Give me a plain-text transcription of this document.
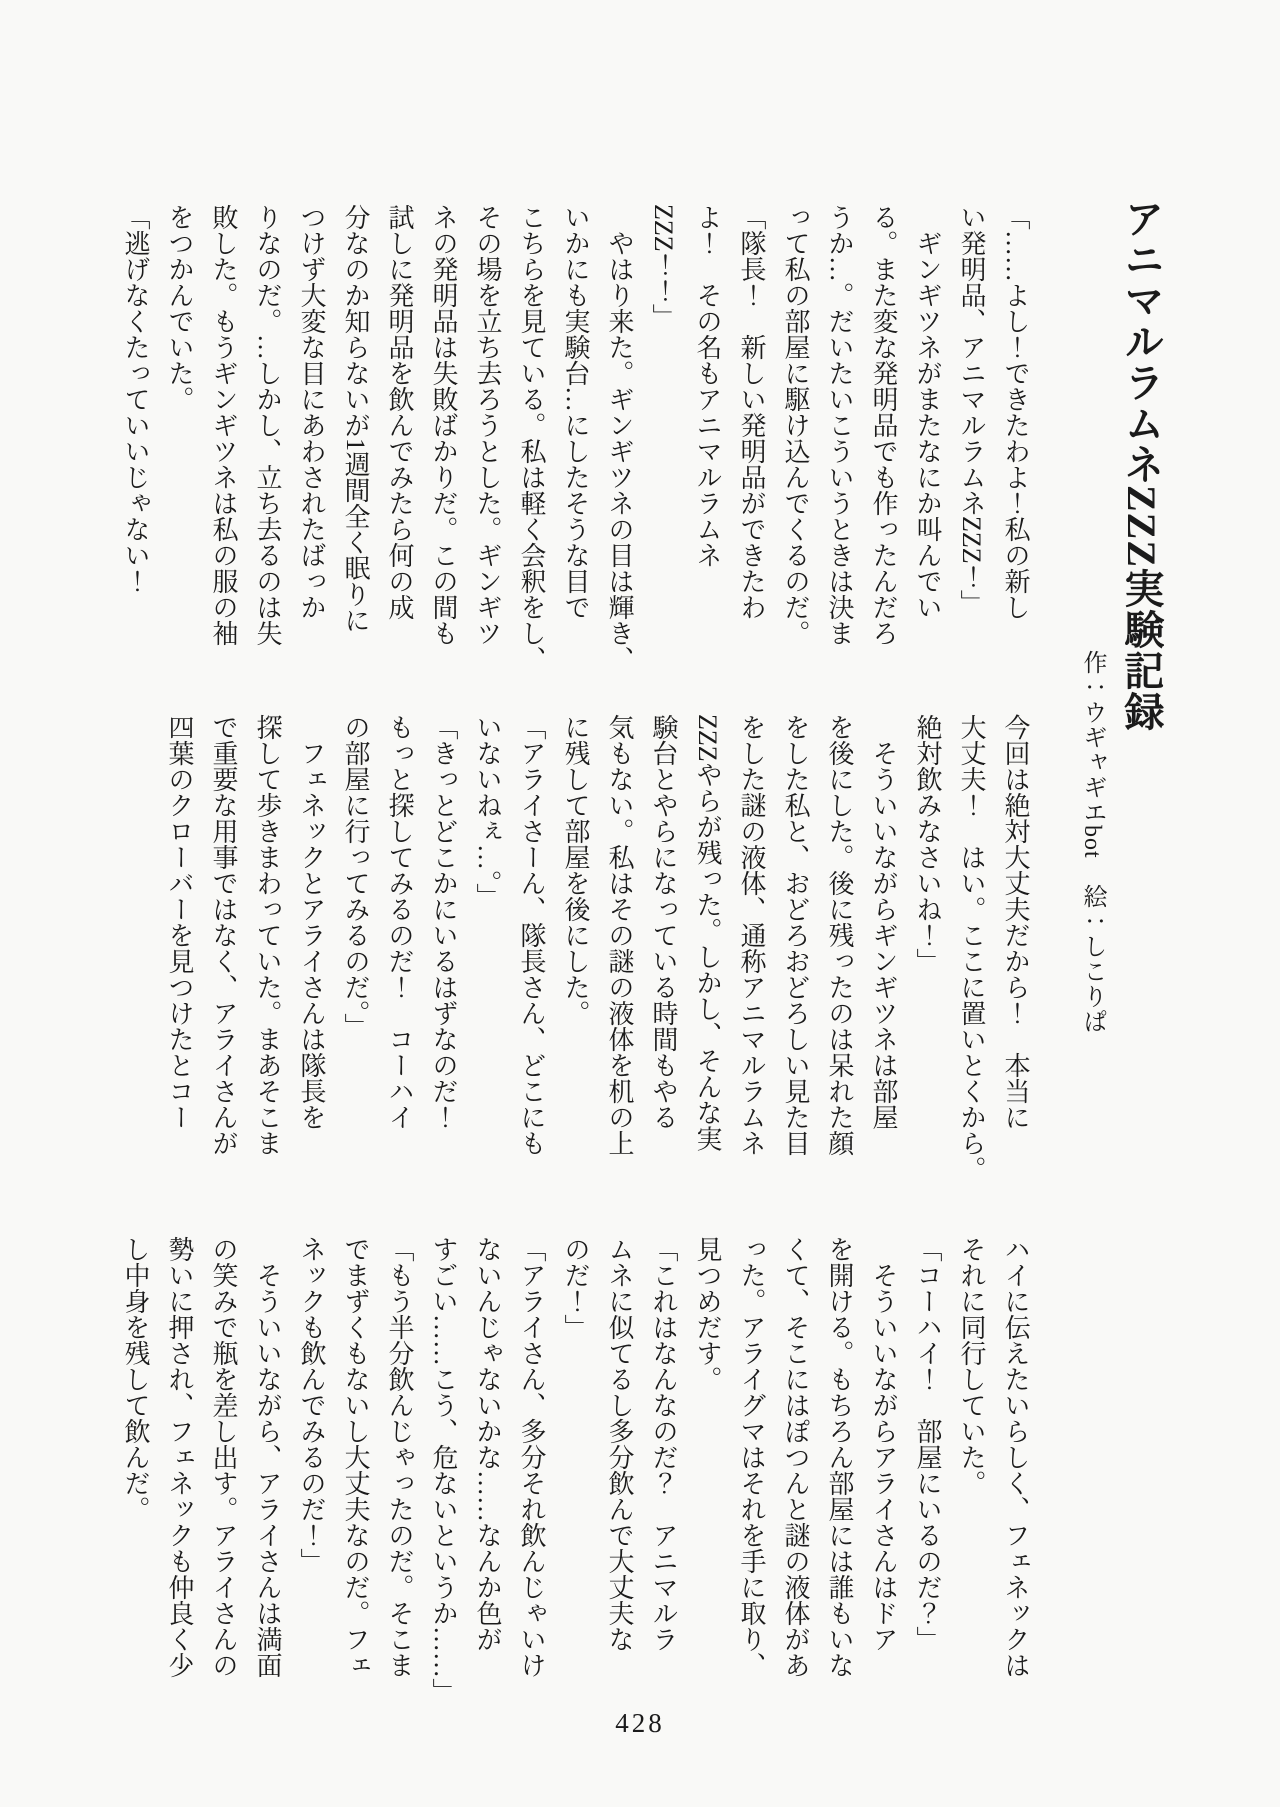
アニマルラムネZZZ実験記録
作：ウギャギエbot　絵：しこりぱ

「……よし！できたわよ！私の新し

い発明品、アニマルラムネZZZ！」

ギンギツネがまたなにか叫んでい

る。また変な発明品でも作ったんだろ

うか…。だいたいこういうときは決ま

って私の部屋に駆け込んでくるのだ。

「隊長！　新しい発明品ができたわ

よ！　その名もアニマルラムネ

ZZZ！！」

やはり来た。ギンギツネの目は輝き、

いかにも実験台…にしたそうな目で

こちらを見ている。私は軽く会釈をし、

その場を立ち去ろうとした。ギンギツ

ネの発明品は失敗ばかりだ。この間も

試しに発明品を飲んでみたら何の成

分なのか知らないが1週間全く眠りに

つけず大変な目にあわされたばっか

りなのだ。…しかし、立ち去るのは失

敗した。もうギンギツネは私の服の袖

をつかんでいた。

「逃げなくたっていいじゃない！

今回は絶対大丈夫だから！　本当に

大丈夫！　はい。ここに置いとくから。

絶対飲みなさいね！」

そういいながらギンギツネは部屋

を後にした。後に残ったのは呆れた顔

をした私と、おどろおどろしい見た目

をした謎の液体、通称アニマルラムネ

ZZZやらが残った。しかし、そんな実

験台とやらになっている時間もやる

気もない。私はその謎の液体を机の上

に残して部屋を後にした。

「アライさーん、隊長さん、どこにも

いないねぇ…。」

「きっとどこかにいるはずなのだ！

もっと探してみるのだ！　コーハイ

の部屋に行ってみるのだ。」

フェネックとアライさんは隊長を

探して歩きまわっていた。まあそこま

で重要な用事ではなく、アライさんが

四葉のクローバーを見つけたとコー

ハイに伝えたいらしく、フェネックは

それに同行していた。

「コーハイ！　部屋にいるのだ？」

そういいながらアライさんはドア

を開ける。もちろん部屋には誰もいな

くて、そこにはぽつんと謎の液体があ

った。アライグマはそれを手に取り、

見つめだす。

「これはなんなのだ？　アニマルラ

ムネに似てるし多分飲んで大丈夫な

のだ！」

「アライさん、多分それ飲んじゃいけ

ないんじゃないかな……なんか色が

すごい……こう、危ないというか……」

「もう半分飲んじゃったのだ。そこま

でまずくもないし大丈夫なのだ。フェ

ネックも飲んでみるのだ！」

そういいながら、アライさんは満面

の笑みで瓶を差し出す。アライさんの

勢いに押され、フェネックも仲良く少

し中身を残して飲んだ。

428
